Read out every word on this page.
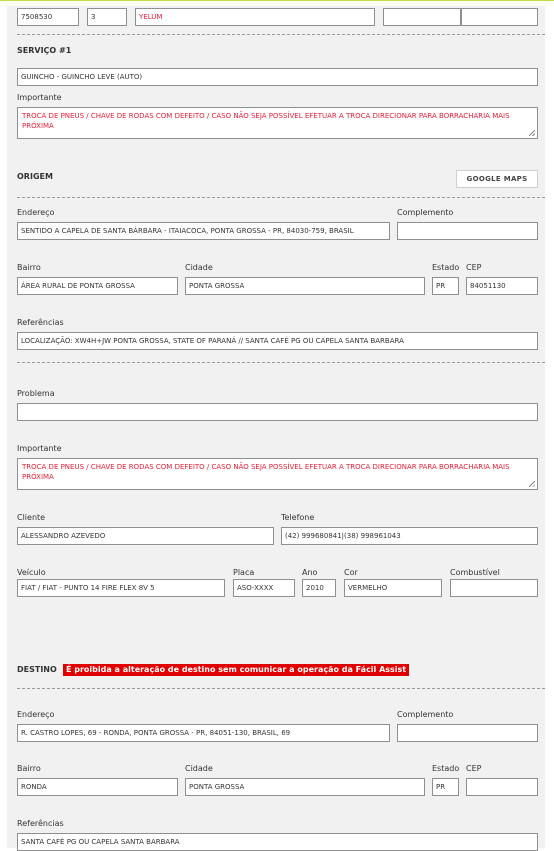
7508530	3	YELUM
SERVIÇO #1
GUINCHO - GUINCHO LEVE (AUTO)
Importante
TROCA DE PNEUS / CHAVE DE RODAS COM DEFEITO / CASO NÃO SEJA POSSÍVEL EFETUAR A TROCA DIRECIONAR PARA BORRACHARIA MAIS PRÓXIMA
ORIGEM	GOOGLE MAPS
Endereço	Complemento
SENTIDO A CAPELA DE SANTA BÁRBARA - ITAIACOCA, PONTA GROSSA - PR, 84030-759, BRASIL
Bairro	Cidade	Estado CEP
ÁREA RURAL DE PONTA GROSSA	PONTA GROSSA	PR	84051130
Referências
LOCALIZAÇÃO: XW4H+JW PONTA GROSSA, STATE OF PARANÁ // SANTA CAFÉ PG OU CAPELA SANTA BARBARA
Problema
Importante
TROCA DE PNEUS / CHAVE DE RODAS COM DEFEITO / CASO NÃO SEJA POSSÍVEL EFETUAR A TROCA DIRECIONAR PARA BORRACHARIA MAIS PRÓXIMA
Cliente	Telefone
ALESSANDRO AZEVEDO	(42) 999680841|(38) 998961043
Veículo	Placa	Ano	Cor	Combustível
FIAT / FIAT - PUNTO 14 FIRE FLEX 8V 5	ASO-XXXX	2010	VERMELHO
DESTINO	É proibida a alteração de destino sem comunicar a operação da Fácil Assist
Endereço	Complemento
R. CASTRO LOPES, 69 - RONDA, PONTA GROSSA - PR, 84051-130, BRASIL, 69
Bairro	Cidade	Estado CEP
RONDA	PONTA GROSSA	PR
Referências
SANTA CAFÉ PG OU CAPELA SANTA BARBARA
